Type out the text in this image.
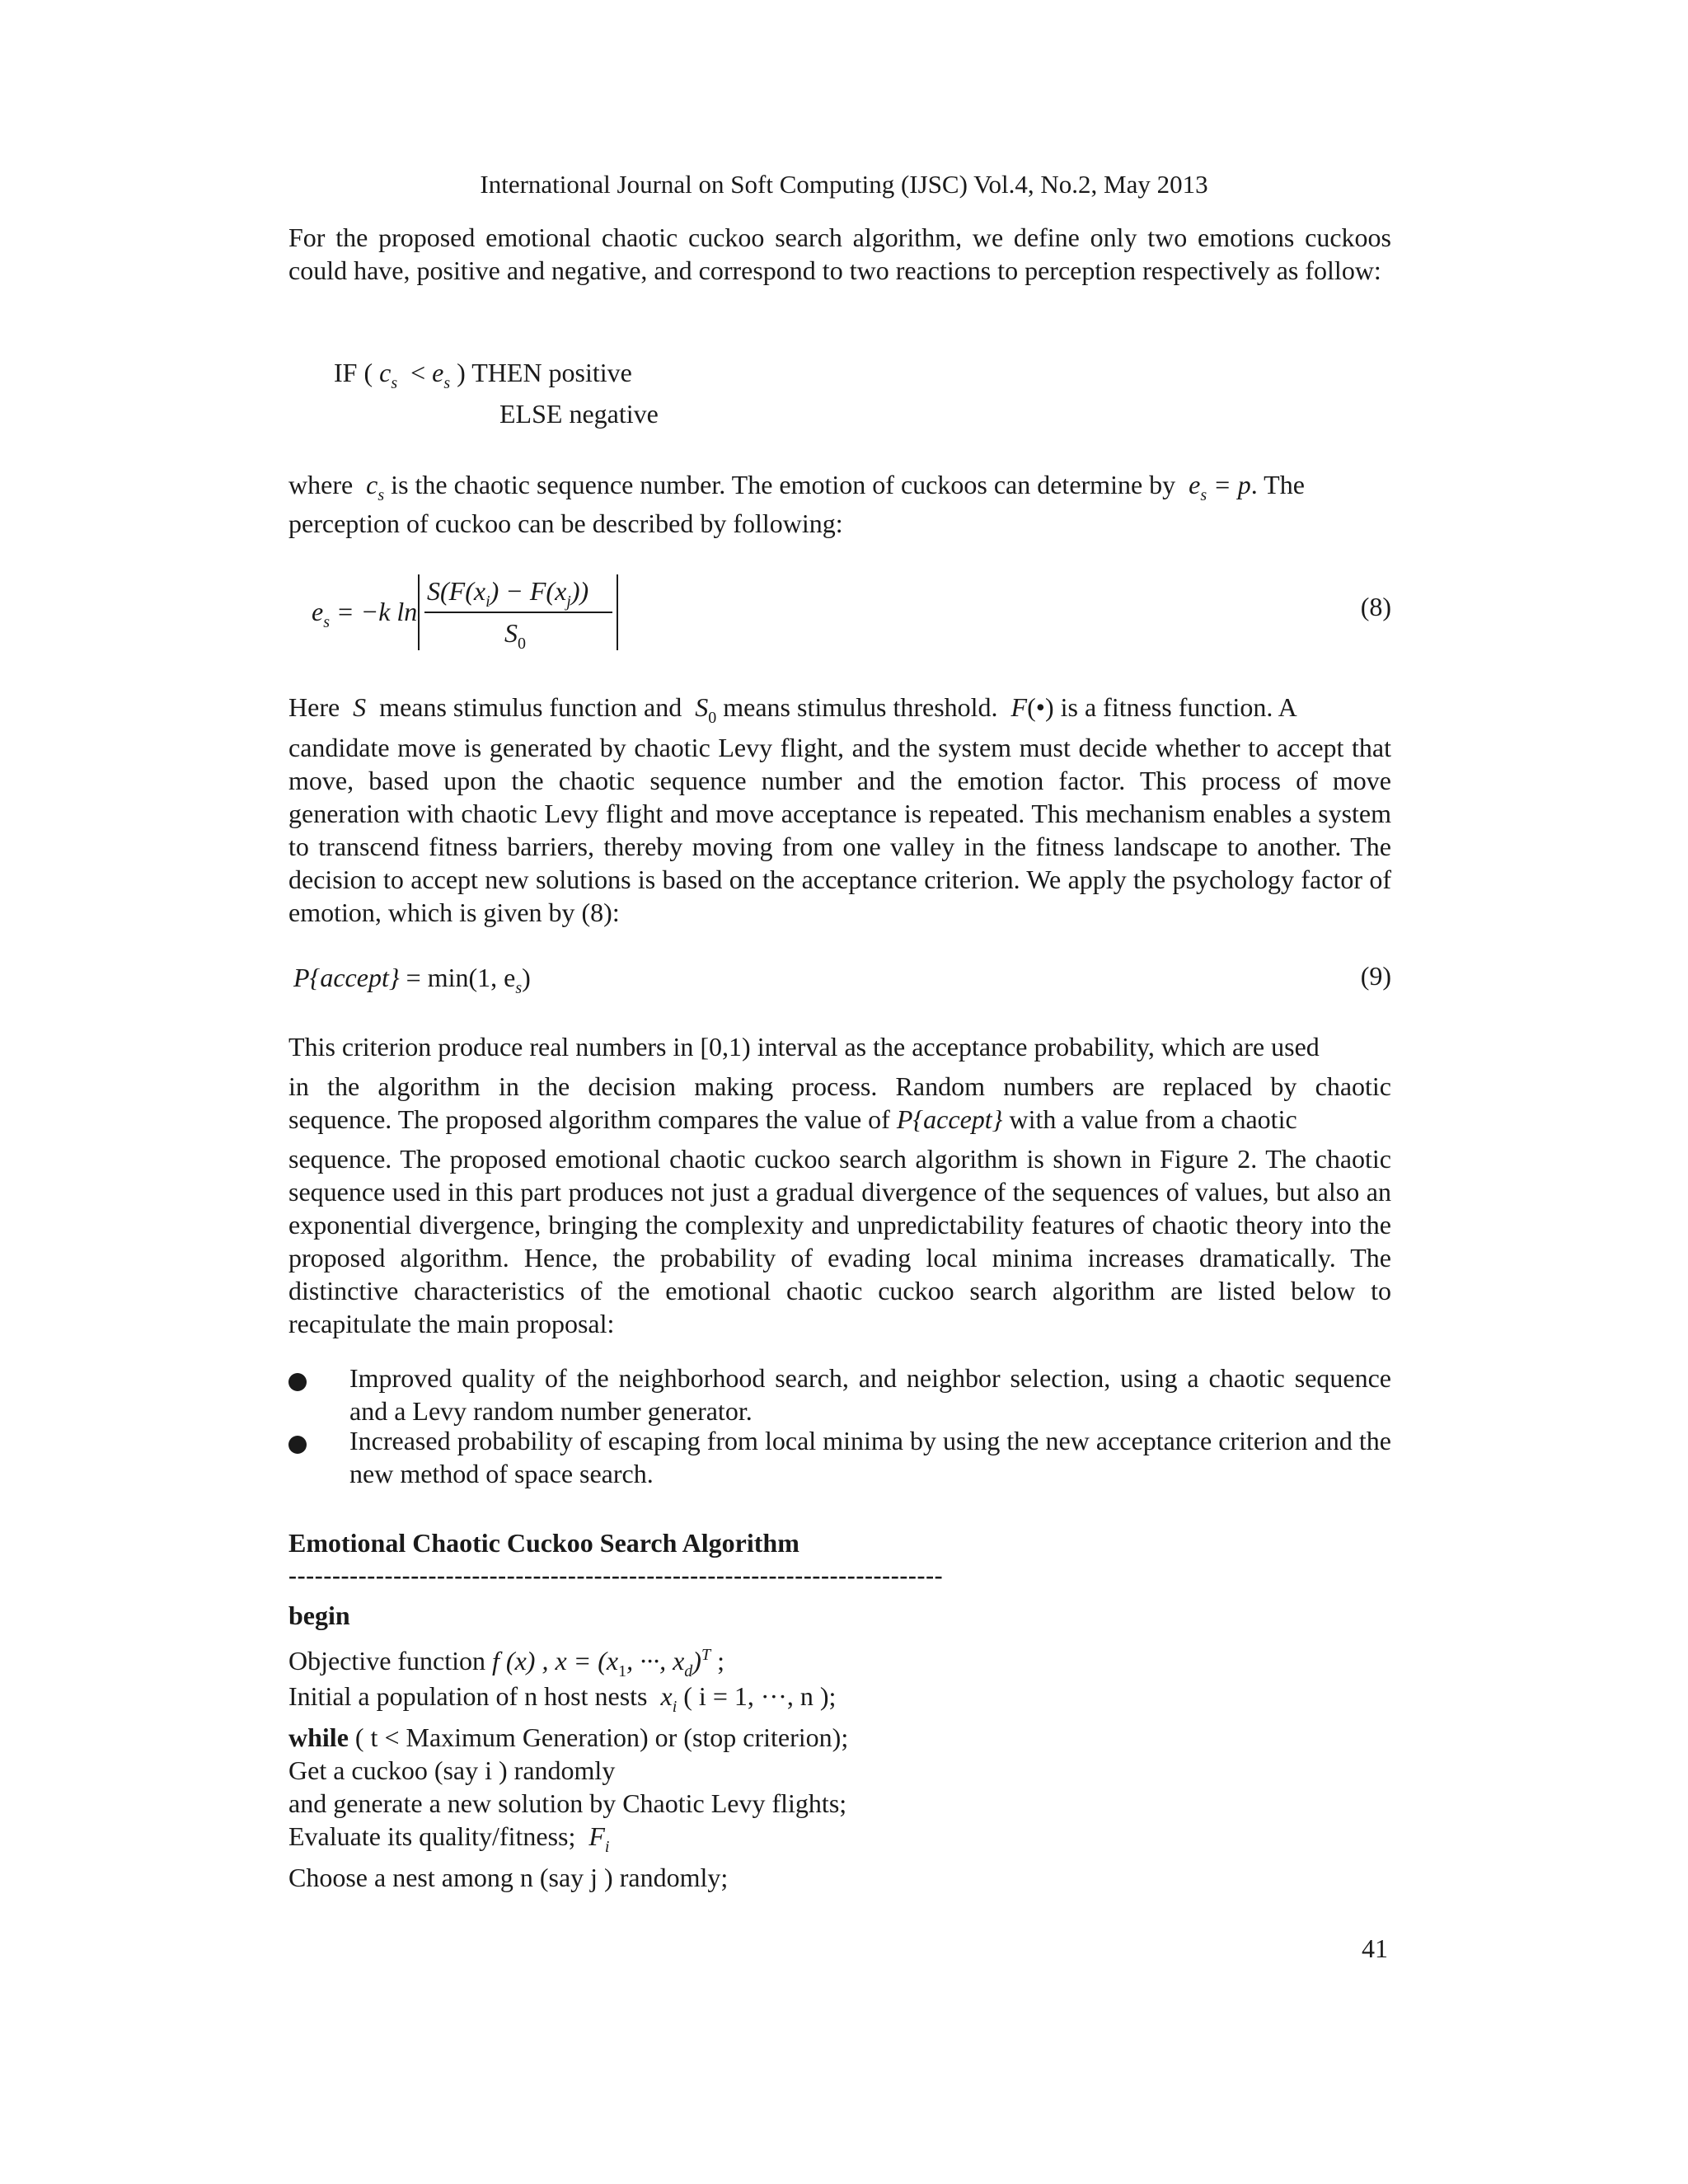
International Journal on Soft Computing (IJSC) Vol.4, No.2, May 2013
For the proposed emotional chaotic cuckoo search algorithm, we define only two emotions cuckoos could have, positive and negative, and correspond to two reactions to perception respectively as follow:
IF ( $c_s < e_s$ ) THEN positive
ELSE negative
where  $c_s$ is the chaotic sequence number. The emotion of cuckoos can determine by  $e_s = p$. The
perception of cuckoo can be described by following:
$e_s = -k$ ln
$S(F(x_i) - F(x_j))$
$S_0$
(8)
Here  S  means stimulus function and  $S_0$ means stimulus threshold.  F(•) is a fitness function. A
candidate move is generated by chaotic Levy flight, and the system must decide whether to accept that move, based upon the chaotic sequence number and the emotion factor. This process of move generation with chaotic Levy flight and move acceptance is repeated. This mechanism enables a system to transcend fitness barriers, thereby moving from one valley in the fitness landscape to another. The decision to accept new solutions is based on the acceptance criterion. We apply the psychology factor of emotion, which is given by (8):
P{accept} = min(1, $e_s$)	(9)
This criterion produce real numbers in [0,1) interval as the acceptance probability, which are used
in the algorithm in the decision making process. Random numbers are replaced by chaotic
sequence. The proposed algorithm compares the value of P{accept} with a value from a chaotic
sequence. The proposed emotional chaotic cuckoo search algorithm is shown in Figure 2. The chaotic sequence used in this part produces not just a gradual divergence of the sequences of values, but also an exponential divergence, bringing the complexity and unpredictability features of chaotic theory into the proposed algorithm. Hence, the probability of evading local minima increases dramatically. The distinctive characteristics of the emotional chaotic cuckoo search algorithm are listed below to recapitulate the main proposal:
Improved quality of the neighborhood search, and neighbor selection, using a chaotic sequence and a Levy random number generator.
Increased probability of escaping from local minima by using the new acceptance criterion and the new method of space search.
Emotional Chaotic Cuckoo Search Algorithm
---------------------------------------------------------------------------
begin
Objective function f (x) , $x = (x_1$, ···, $x_d)^T$ ;
Initial a population of n host nests $x_i$ ( i = 1, ···, n );
while ( t < Maximum Generation) or (stop criterion);
Get a cuckoo (say i ) randomly
and generate a new solution by Chaotic Levy flights;
Evaluate its quality/fitness; $F_i$
Choose a nest among n (say j ) randomly;
41
